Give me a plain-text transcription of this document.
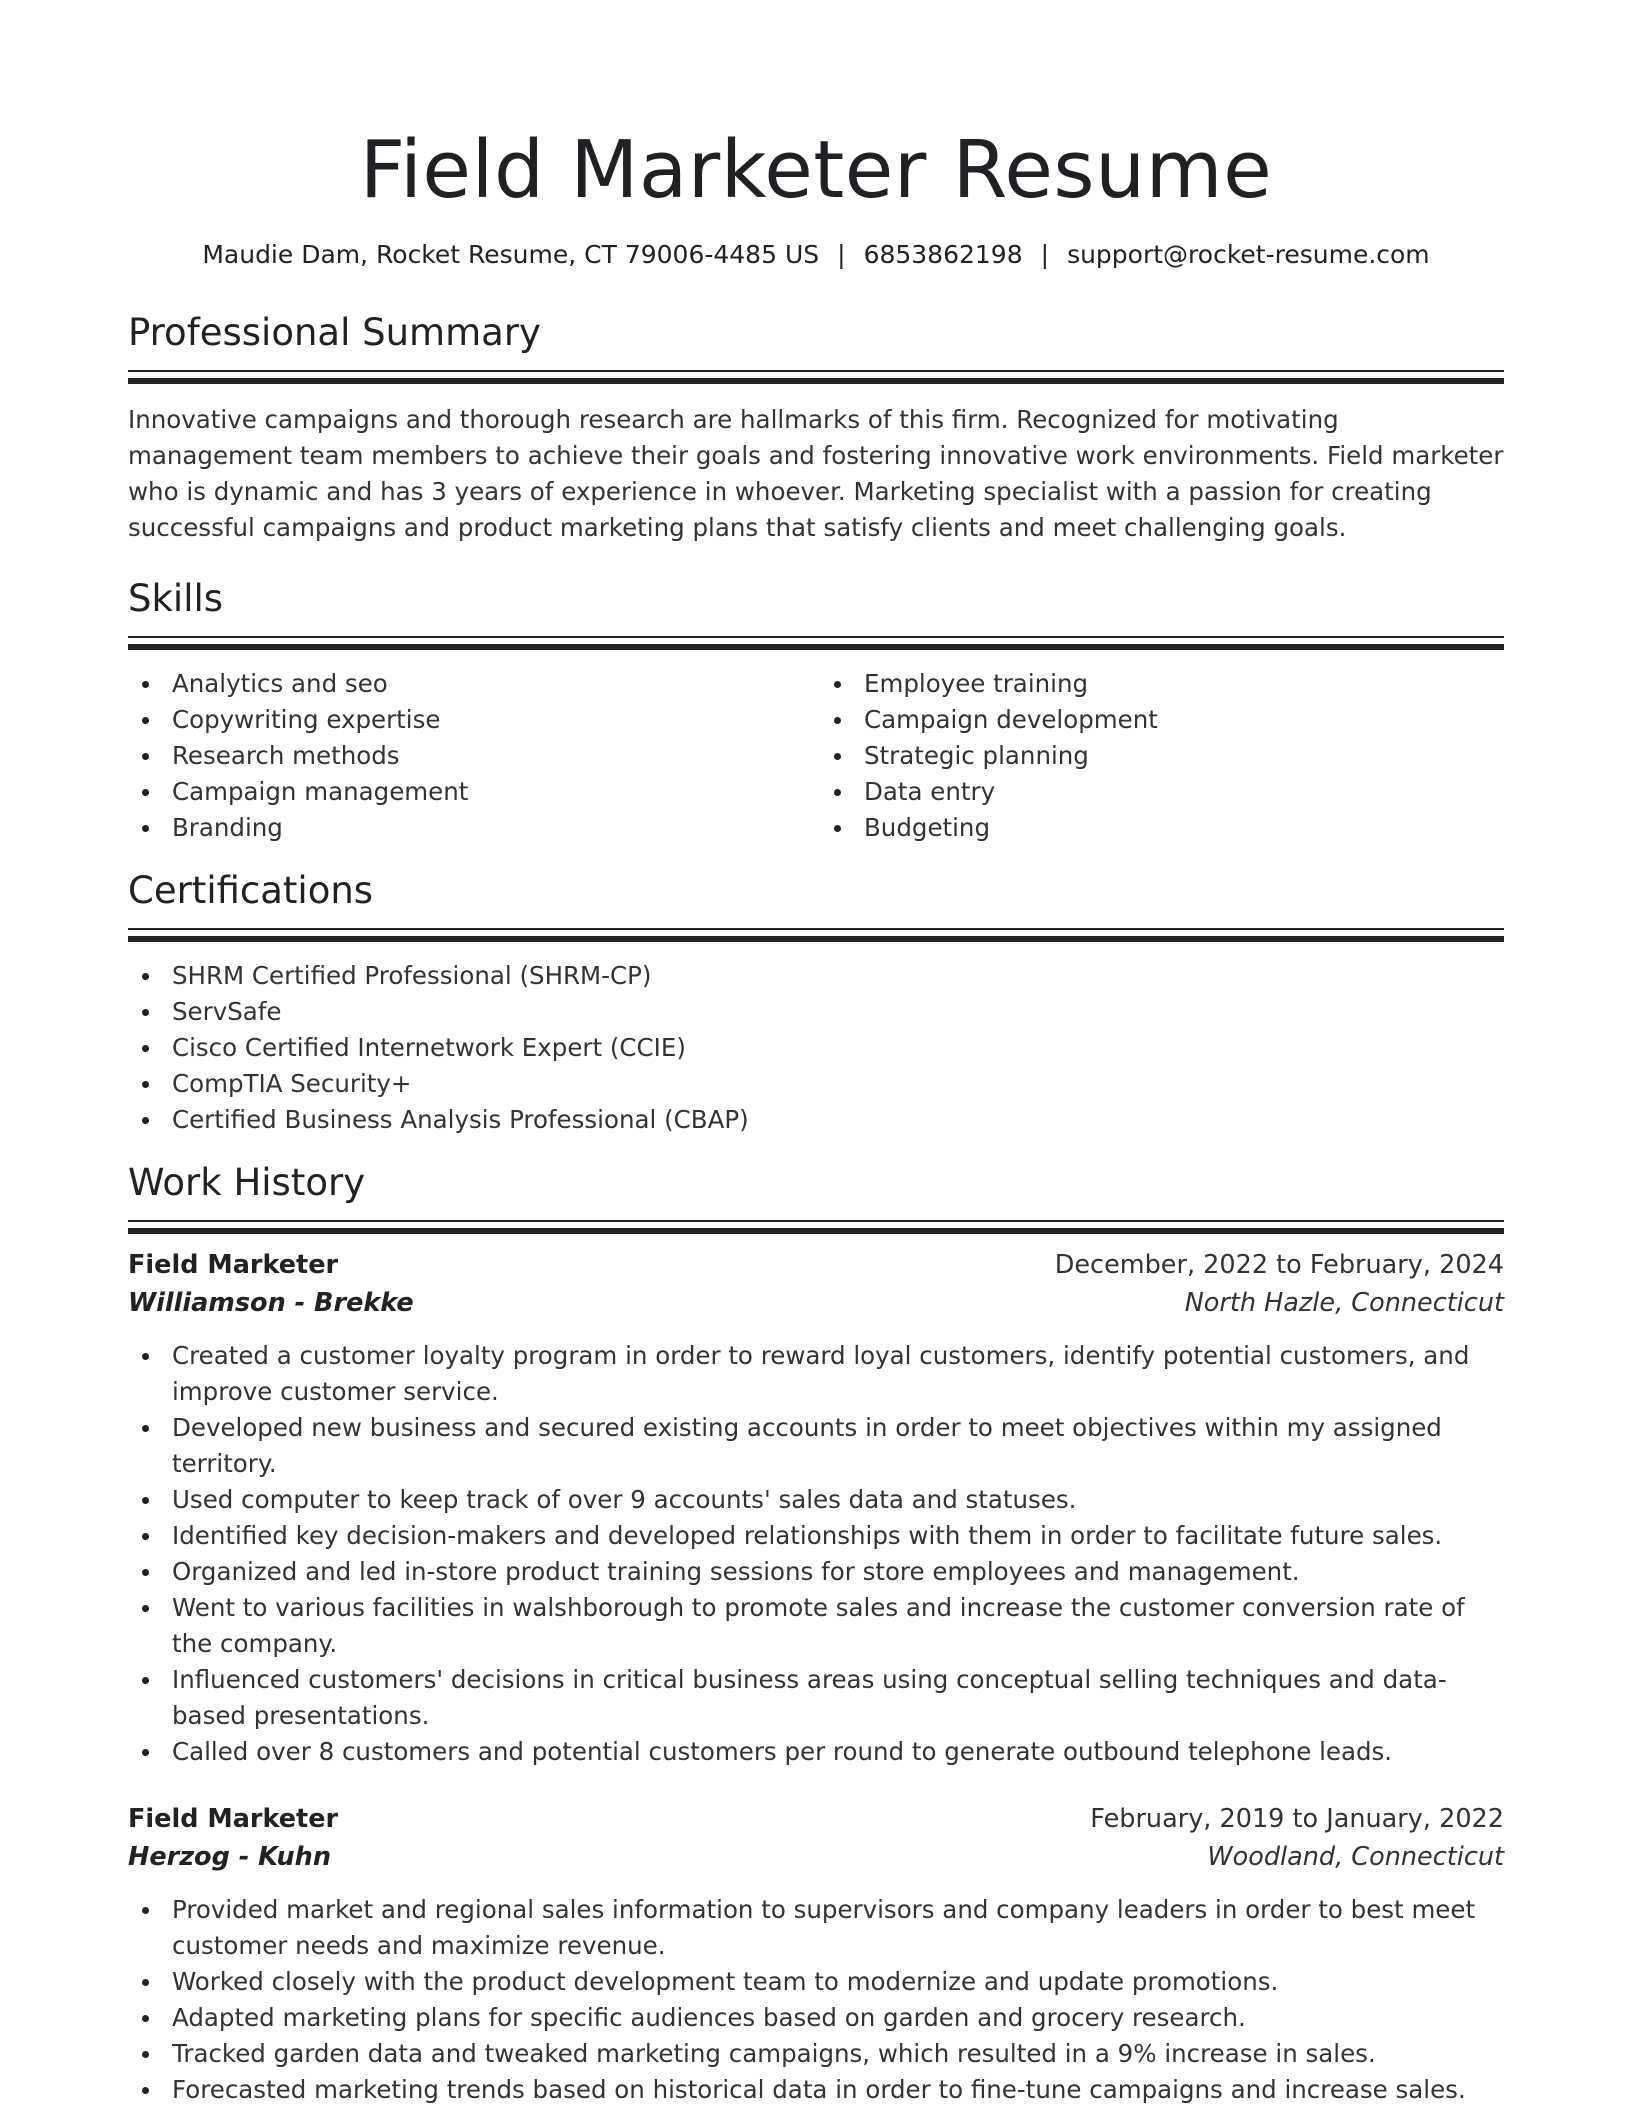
Field Marketer Resume
Maudie Dam, Rocket Resume, CT 79006-4485 US | 6853862198 | support@rocket-resume.com
Professional Summary

Innovative campaigns and thorough research are hallmarks of this firm. Recognized for motivating management team members to achieve their goals and fostering innovative work environments. Field marketer who is dynamic and has 3 years of experience in whoever. Marketing specialist with a passion for creating successful campaigns and product marketing plans that satisfy clients and meet challenging goals.

Skills
Analytics and seo
Copywriting expertise
Research methods
Campaign management
Branding
Employee training
Campaign development
Strategic planning
Data entry
Budgeting
Certifications
SHRM Certified Professional (SHRM-CP)
ServSafe
Cisco Certified Internetwork Expert (CCIE)
CompTIA Security+
Certified Business Analysis Professional (CBAP)
Work History
Field Marketer	December, 2022 to February, 2024
Williamson - Brekke	North Hazle, Connecticut
Created a customer loyalty program in order to reward loyal customers, identify potential customers, and improve customer service.
Developed new business and secured existing accounts in order to meet objectives within my assigned territory.
Used computer to keep track of over 9 accounts' sales data and statuses.
Identified key decision-makers and developed relationships with them in order to facilitate future sales.
Organized and led in-store product training sessions for store employees and management.
Went to various facilities in walshborough to promote sales and increase the customer conversion rate of the company.
Influenced customers' decisions in critical business areas using conceptual selling techniques and data-based presentations.
Called over 8 customers and potential customers per round to generate outbound telephone leads.
Field Marketer	February, 2019 to January, 2022
Herzog - Kuhn	Woodland, Connecticut
Provided market and regional sales information to supervisors and company leaders in order to best meet customer needs and maximize revenue.
Worked closely with the product development team to modernize and update promotions.
Adapted marketing plans for specific audiences based on garden and grocery research.
Tracked garden data and tweaked marketing campaigns, which resulted in a 9% increase in sales.
Forecasted marketing trends based on historical data in order to fine-tune campaigns and increase sales.
